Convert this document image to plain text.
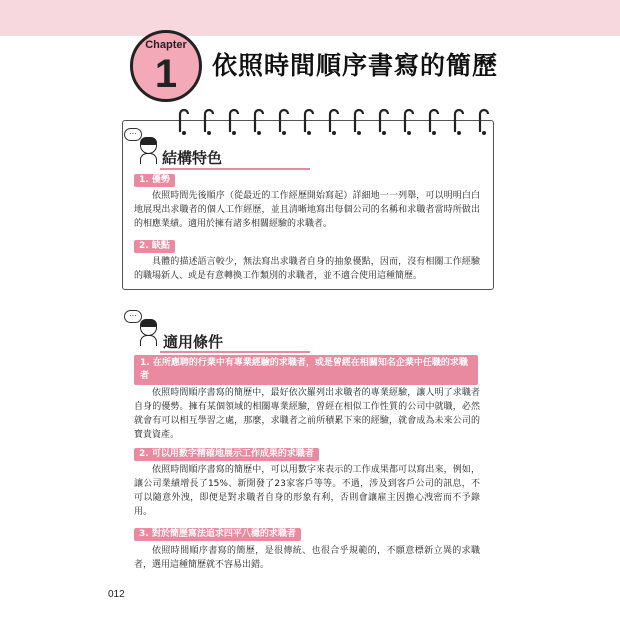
Chapter
1	依照時間順序書寫的簡歷
…
結構特色
1. 優勢
依照時間先後順序（從最近的工作經歷開始寫起）詳細地一一列舉，可以明明白白地展現出求職者的個人工作經歷，並且清晰地寫出每個公司的名稱和求職者當時所做出的相應業績。適用於擁有諸多相關經驗的求職者。
2. 缺點
具體的描述語言較少，無法寫出求職者自身的抽象優點，因而，沒有相關工作經驗的職場新人、或是有意轉換工作類別的求職者，並不適合使用這種簡歷。
…
適用條件
1. 在所應聘的行業中有專業經驗的求職者，或是曾經在相關知名企業中任職的求職者
依照時間順序書寫的簡歷中，最好依次羅列出求職者的專業經驗，讓人明了求職者自身的優勢。擁有某個領域的相關專業經驗，曾經在相似工作性質的公司中就職，必然就會有可以相互學習之處，那麼，求職者之前所積累下來的經驗，就會成為未來公司的寶貴資產。
2. 可以用數字精確地展示工作成果的求職者
依照時間順序書寫的簡歷中，可以用數字來表示的工作成果都可以寫出來，例如，讓公司業績增長了15%、新開發了23家客戶等等。不過，涉及到客戶公司的訊息，不可以隨意外洩，即便是對求職者自身的形象有利，否則會讓雇主因擔心洩密而不予錄用。
3. 對於簡歷寫法追求四平八穩的求職者
依照時間順序書寫的簡歷，是很傳統、也很合乎規範的，不願意標新立異的求職者，選用這種簡歷就不容易出錯。
012
